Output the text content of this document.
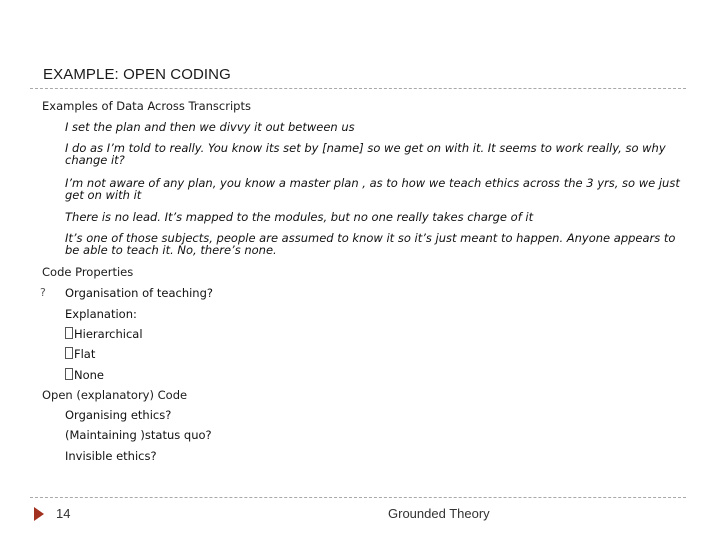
EXAMPLE: OPEN CODING
Examples of Data Across Transcripts
I set the plan and then we divvy it out between us
I do as I’m told to really. You know its set by [name] so we get on with it. It seems to work really, so why change it?
I’m not aware of any plan, you know a master plan , as to how we teach ethics across the 3 yrs, so we just get on with it
There is no lead. It’s mapped to the modules, but no one really takes charge of it
It’s one of those subjects, people are assumed to know it so it’s just meant to happen. Anyone appears to be able to teach it. No, there’s none.
Code Properties
?	Organisation of teaching?
Explanation:
Hierarchical
Flat
None
Open (explanatory) Code
Organising ethics?
(Maintaining )status quo?
Invisible ethics?
14	Grounded Theory
